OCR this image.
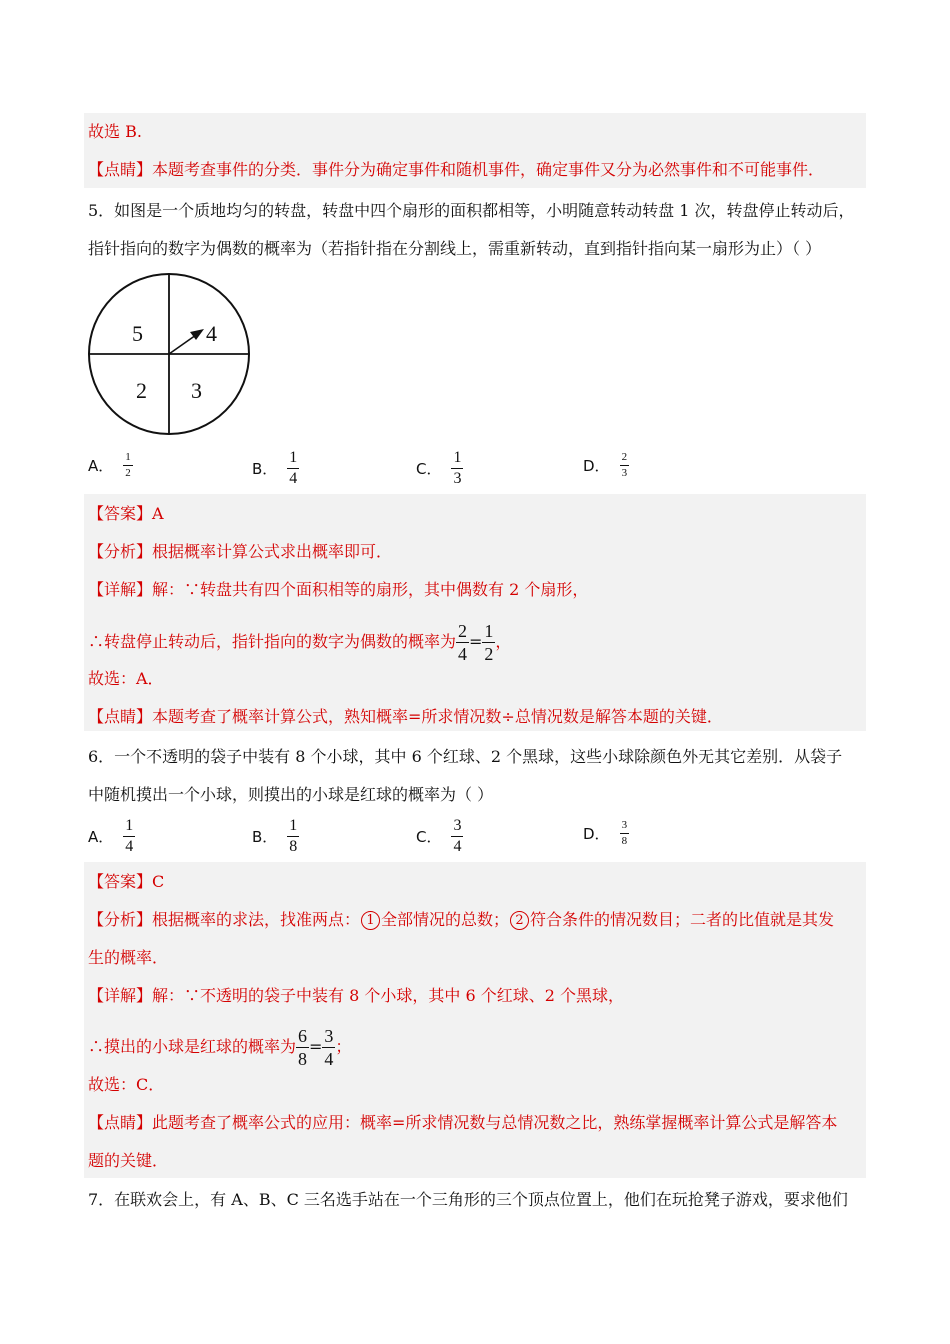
故选 B.
【点睛】本题考查事件的分类．事件分为确定事件和随机事件，确定事件又分为必然事件和不可能事件．
5．如图是一个质地均匀的转盘，转盘中四个扇形的面积都相等，小明随意转动转盘 1 次，转盘停止转动后，
指针指向的数字为偶数的概率为（若指针指在分割线上，需重新转动，直到指针指向某一扇形为止）（ ）
5	4
2 3
A． $\frac{1}{2}$	B． $\frac{1}{4}$	C． $\frac{1}{3}$	D． $\frac{2}{3}$
【答案】A
【分析】根据概率计算公式求出概率即可．
【详解】解：∵转盘共有四个面积相等的扇形，其中偶数有 2 个扇形，
∴转盘停止转动后，指针指向的数字为偶数的概率为 $\frac{2}{4} = \frac{1}{2}$ ，
故选：A．
【点睛】本题考查了概率计算公式，熟知概率=所求情况数÷总情况数是解答本题的关键．
6．一个不透明的袋子中装有 8 个小球，其中 6 个红球、2 个黑球，这些小球除颜色外无其它差别．从袋子
中随机摸出一个小球，则摸出的小球是红球的概率为（ ）
A． $\frac{1}{4}$	B． $\frac{1}{8}$	C． $\frac{3}{4}$	D． $\frac{3}{8}$
【答案】C
【分析】根据概率的求法，找准两点： 1 全部情况的总数； 2 符合条件的情况数目；二者的比值就是其发
生的概率．
【详解】解：∵不透明的袋子中装有 8 个小球，其中 6 个红球、2 个黑球，
∴摸出的小球是红球的概率为 $\frac{6}{8} = \frac{3}{4}$ ；
故选：C．
【点睛】此题考查了概率公式的应用：概率=所求情况数与总情况数之比，熟练掌握概率计算公式是解答本
题的关键．
7．在联欢会上，有 A、B、C 三名选手站在一个三角形的三个顶点位置上，他们在玩抢凳子游戏，要求他们
